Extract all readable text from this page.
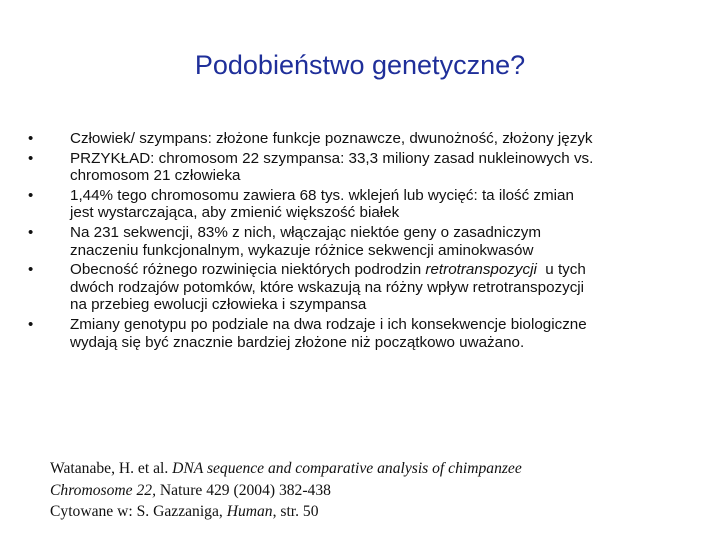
Podobieństwo genetyczne?
•	Człowiek/ szympans: złożone funkcje poznawcze, dwunożność, złożony język
•	PRZYKŁAD: chromosom 22 szympansa: 33,3 miliony zasad nukleinowych vs.
chromosom 21 człowieka
•	1,44% tego chromosomu zawiera 68 tys. wklejeń lub wycięć: ta ilość zmian
jest wystarczająca, aby zmienić większość białek
•	Na 231 sekwencji, 83% z nich, włączając niektóe geny o zasadniczym
znaczeniu funkcjonalnym, wykazuje różnice sekwencji aminokwasów
•	Obecność różnego rozwinięcia niektórych podrodzin retrotranspozycji  u tych
dwóch rodzajów potomków, które wskazują na różny wpływ retrotranspozycji
na przebieg ewolucji człowieka i szympansa
•	Zmiany genotypu po podziale na dwa rodzaje i ich konsekwencje biologiczne
wydają się być znacznie bardziej złożone niż początkowo uważano.
Watanabe, H. et al. DNA sequence and comparative analysis of chimpanzee
Chromosome 22, Nature 429 (2004) 382-438
Cytowane w: S. Gazzaniga, Human, str. 50
